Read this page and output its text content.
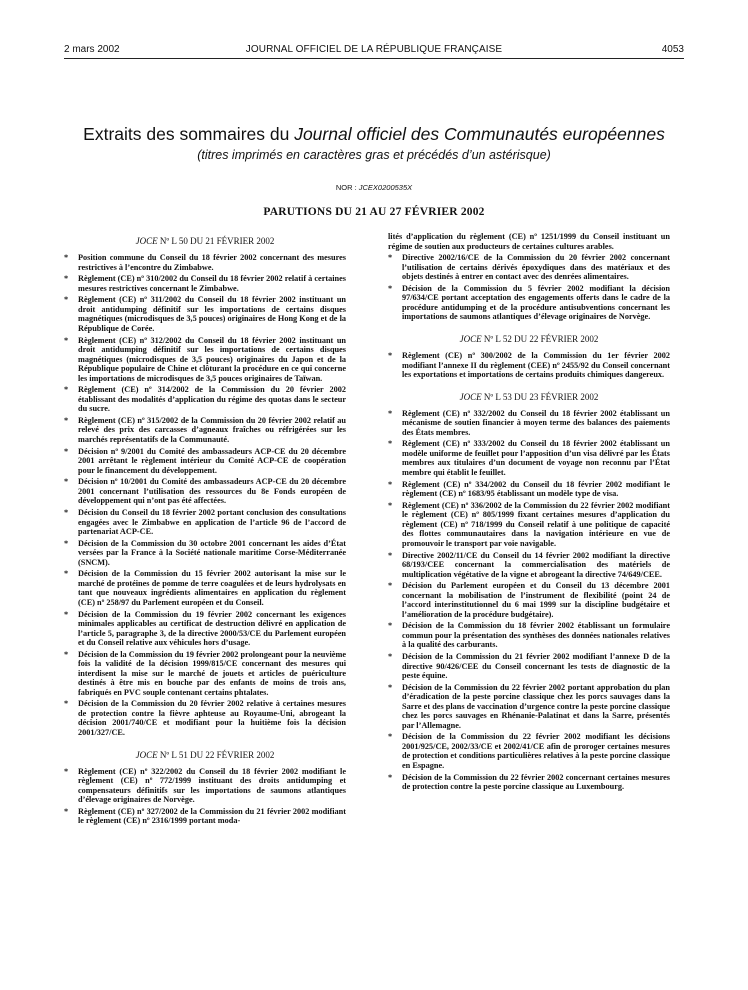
2 mars 2002	JOURNAL OFFICIEL DE LA RÉPUBLIQUE FRANÇAISE	4053
Extraits des sommaires du Journal officiel des Communautés européennes
(titres imprimés en caractères gras et précédés d’un astérisque)
NOR : JCEX0200535X
PARUTIONS DU 21 AU 27 FÉVRIER 2002
JOCE Nº L 50 DU 21 FÉVRIER 2002
* Position commune du Conseil du 18 février 2002 concernant des mesures restrictives à l’encontre du Zimbabwe.
* Règlement (CE) nº 310/2002 du Conseil du 18 février 2002 relatif à certaines mesures restrictives concernant le Zimbabwe.
* Règlement (CE) nº 311/2002 du Conseil du 18 février 2002 instituant un droit antidumping définitif sur les importations de certains disques magnétiques (microdisques de 3,5 pouces) originaires de Hong Kong et de la République de Corée.
* Règlement (CE) nº 312/2002 du Conseil du 18 février 2002 instituant un droit antidumping définitif sur les importations de certains disques magnétiques (microdisques de 3,5 pouces) originaires du Japon et de la République populaire de Chine et clôturant la procédure en ce qui concerne les importations de microdisques de 3,5 pouces originaires de Taïwan.
* Règlement (CE) nº 314/2002 de la Commission du 20 février 2002 établissant des modalités d’application du régime des quotas dans le secteur du sucre.
* Règlement (CE) nº 315/2002 de la Commission du 20 février 2002 relatif au relevé des prix des carcasses d’agneaux fraîches ou réfrigérées sur les marchés représentatifs de la Communauté.
* Décision nº 9/2001 du Comité des ambassadeurs ACP-CE du 20 décembre 2001 arrêtant le règlement intérieur du Comité ACP-CE de coopération pour le financement du développement.
* Décision nº 10/2001 du Comité des ambassadeurs ACP-CE du 20 décembre 2001 concernant l’utilisation des ressources du 8e Fonds européen de développement qui n’ont pas été affectées.
* Décision du Conseil du 18 février 2002 portant conclusion des consultations engagées avec le Zimbabwe en application de l’article 96 de l’accord de partenariat ACP-CE.
* Décision de la Commission du 30 octobre 2001 concernant les aides d’État versées par la France à la Société nationale maritime Corse-Méditerranée (SNCM).
* Décision de la Commission du 15 février 2002 autorisant la mise sur le marché de protéines de pomme de terre coagulées et de leurs hydrolysats en tant que nouveaux ingrédients alimentaires en application du règlement (CE) nº 258/97 du Parlement européen et du Conseil.
* Décision de la Commission du 19 février 2002 concernant les exigences minimales applicables au certificat de destruction délivré en application de l’article 5, paragraphe 3, de la directive 2000/53/CE du Parlement européen et du Conseil relative aux véhicules hors d’usage.
* Décision de la Commission du 19 février 2002 prolongeant pour la neuvième fois la validité de la décision 1999/815/CE concernant des mesures qui interdisent la mise sur le marché de jouets et articles de puériculture destinés à être mis en bouche par des enfants de moins de trois ans, fabriqués en PVC souple contenant certains phtalates.
* Décision de la Commission du 20 février 2002 relative à certaines mesures de protection contre la fièvre aphteuse au Royaume-Uni, abrogeant la décision 2001/740/CE et modifiant pour la huitième fois la décision 2001/327/CE.
JOCE Nº L 51 DU 22 FÉVRIER 2002
* Règlement (CE) nº 322/2002 du Conseil du 18 février 2002 modifiant le règlement (CE) nº 772/1999 instituant des droits antidumping et compensateurs définitifs sur les importations de saumons atlantiques d’élevage originaires de Norvège.
* Règlement (CE) nº 327/2002 de la Commission du 21 février 2002 modifiant le règlement (CE) nº 2316/1999 portant moda-
lités d’application du règlement (CE) nº 1251/1999 du Conseil instituant un régime de soutien aux producteurs de certaines cultures arables.
* Directive 2002/16/CE de la Commission du 20 février 2002 concernant l’utilisation de certains dérivés époxydiques dans des matériaux et des objets destinés à entrer en contact avec des denrées alimentaires.
* Décision de la Commission du 5 février 2002 modifiant la décision 97/634/CE portant acceptation des engagements offerts dans le cadre de la procédure antidumping et de la procédure antisubventions concernant les importations de saumons atlantiques d’élevage originaires de Norvège.
JOCE Nº L 52 DU 22 FÉVRIER 2002
* Règlement (CE) nº 300/2002 de la Commission du 1er février 2002 modifiant l’annexe II du règlement (CEE) nº 2455/92 du Conseil concernant les exportations et importations de certains produits chimiques dangereux.
JOCE Nº L 53 DU 23 FÉVRIER 2002
* Règlement (CE) nº 332/2002 du Conseil du 18 février 2002 établissant un mécanisme de soutien financier à moyen terme des balances des paiements des États membres.
* Règlement (CE) nº 333/2002 du Conseil du 18 février 2002 établissant un modèle uniforme de feuillet pour l’apposition d’un visa délivré par les États membres aux titulaires d’un document de voyage non reconnu par l’État membre qui établit le feuillet.
* Règlement (CE) nº 334/2002 du Conseil du 18 février 2002 modifiant le règlement (CE) nº 1683/95 établissant un modèle type de visa.
* Règlement (CE) nº 336/2002 de la Commission du 22 février 2002 modifiant le règlement (CE) nº 805/1999 fixant certaines mesures d’application du règlement (CE) nº 718/1999 du Conseil relatif à une politique de capacité des flottes communautaires dans la navigation intérieure en vue de promouvoir le transport par voie navigable.
* Directive 2002/11/CE du Conseil du 14 février 2002 modifiant la directive 68/193/CEE concernant la commercialisation des matériels de multiplication végétative de la vigne et abrogeant la directive 74/649/CEE.
* Décision du Parlement européen et du Conseil du 13 décembre 2001 concernant la mobilisation de l’instrument de flexibilité (point 24 de l’accord interinstitutionnel du 6 mai 1999 sur la discipline budgétaire et l’amélioration de la procédure budgétaire).
* Décision de la Commission du 18 février 2002 établissant un formulaire commun pour la présentation des synthèses des données nationales relatives à la qualité des carburants.
* Décision de la Commission du 21 février 2002 modifiant l’annexe D de la directive 90/426/CEE du Conseil concernant les tests de diagnostic de la peste équine.
* Décision de la Commission du 22 février 2002 portant approbation du plan d’éradication de la peste porcine classique chez les porcs sauvages dans la Sarre et des plans de vaccination d’urgence contre la peste porcine classique chez les porcs sauvages en Rhénanie-Palatinat et dans la Sarre, présentés par l’Allemagne.
* Décision de la Commission du 22 février 2002 modifiant les décisions 2001/925/CE, 2002/33/CE et 2002/41/CE afin de proroger certaines mesures de protection et conditions particulières relatives à la peste porcine classique en Espagne.
* Décision de la Commission du 22 février 2002 concernant certaines mesures de protection contre la peste porcine classique au Luxembourg.
